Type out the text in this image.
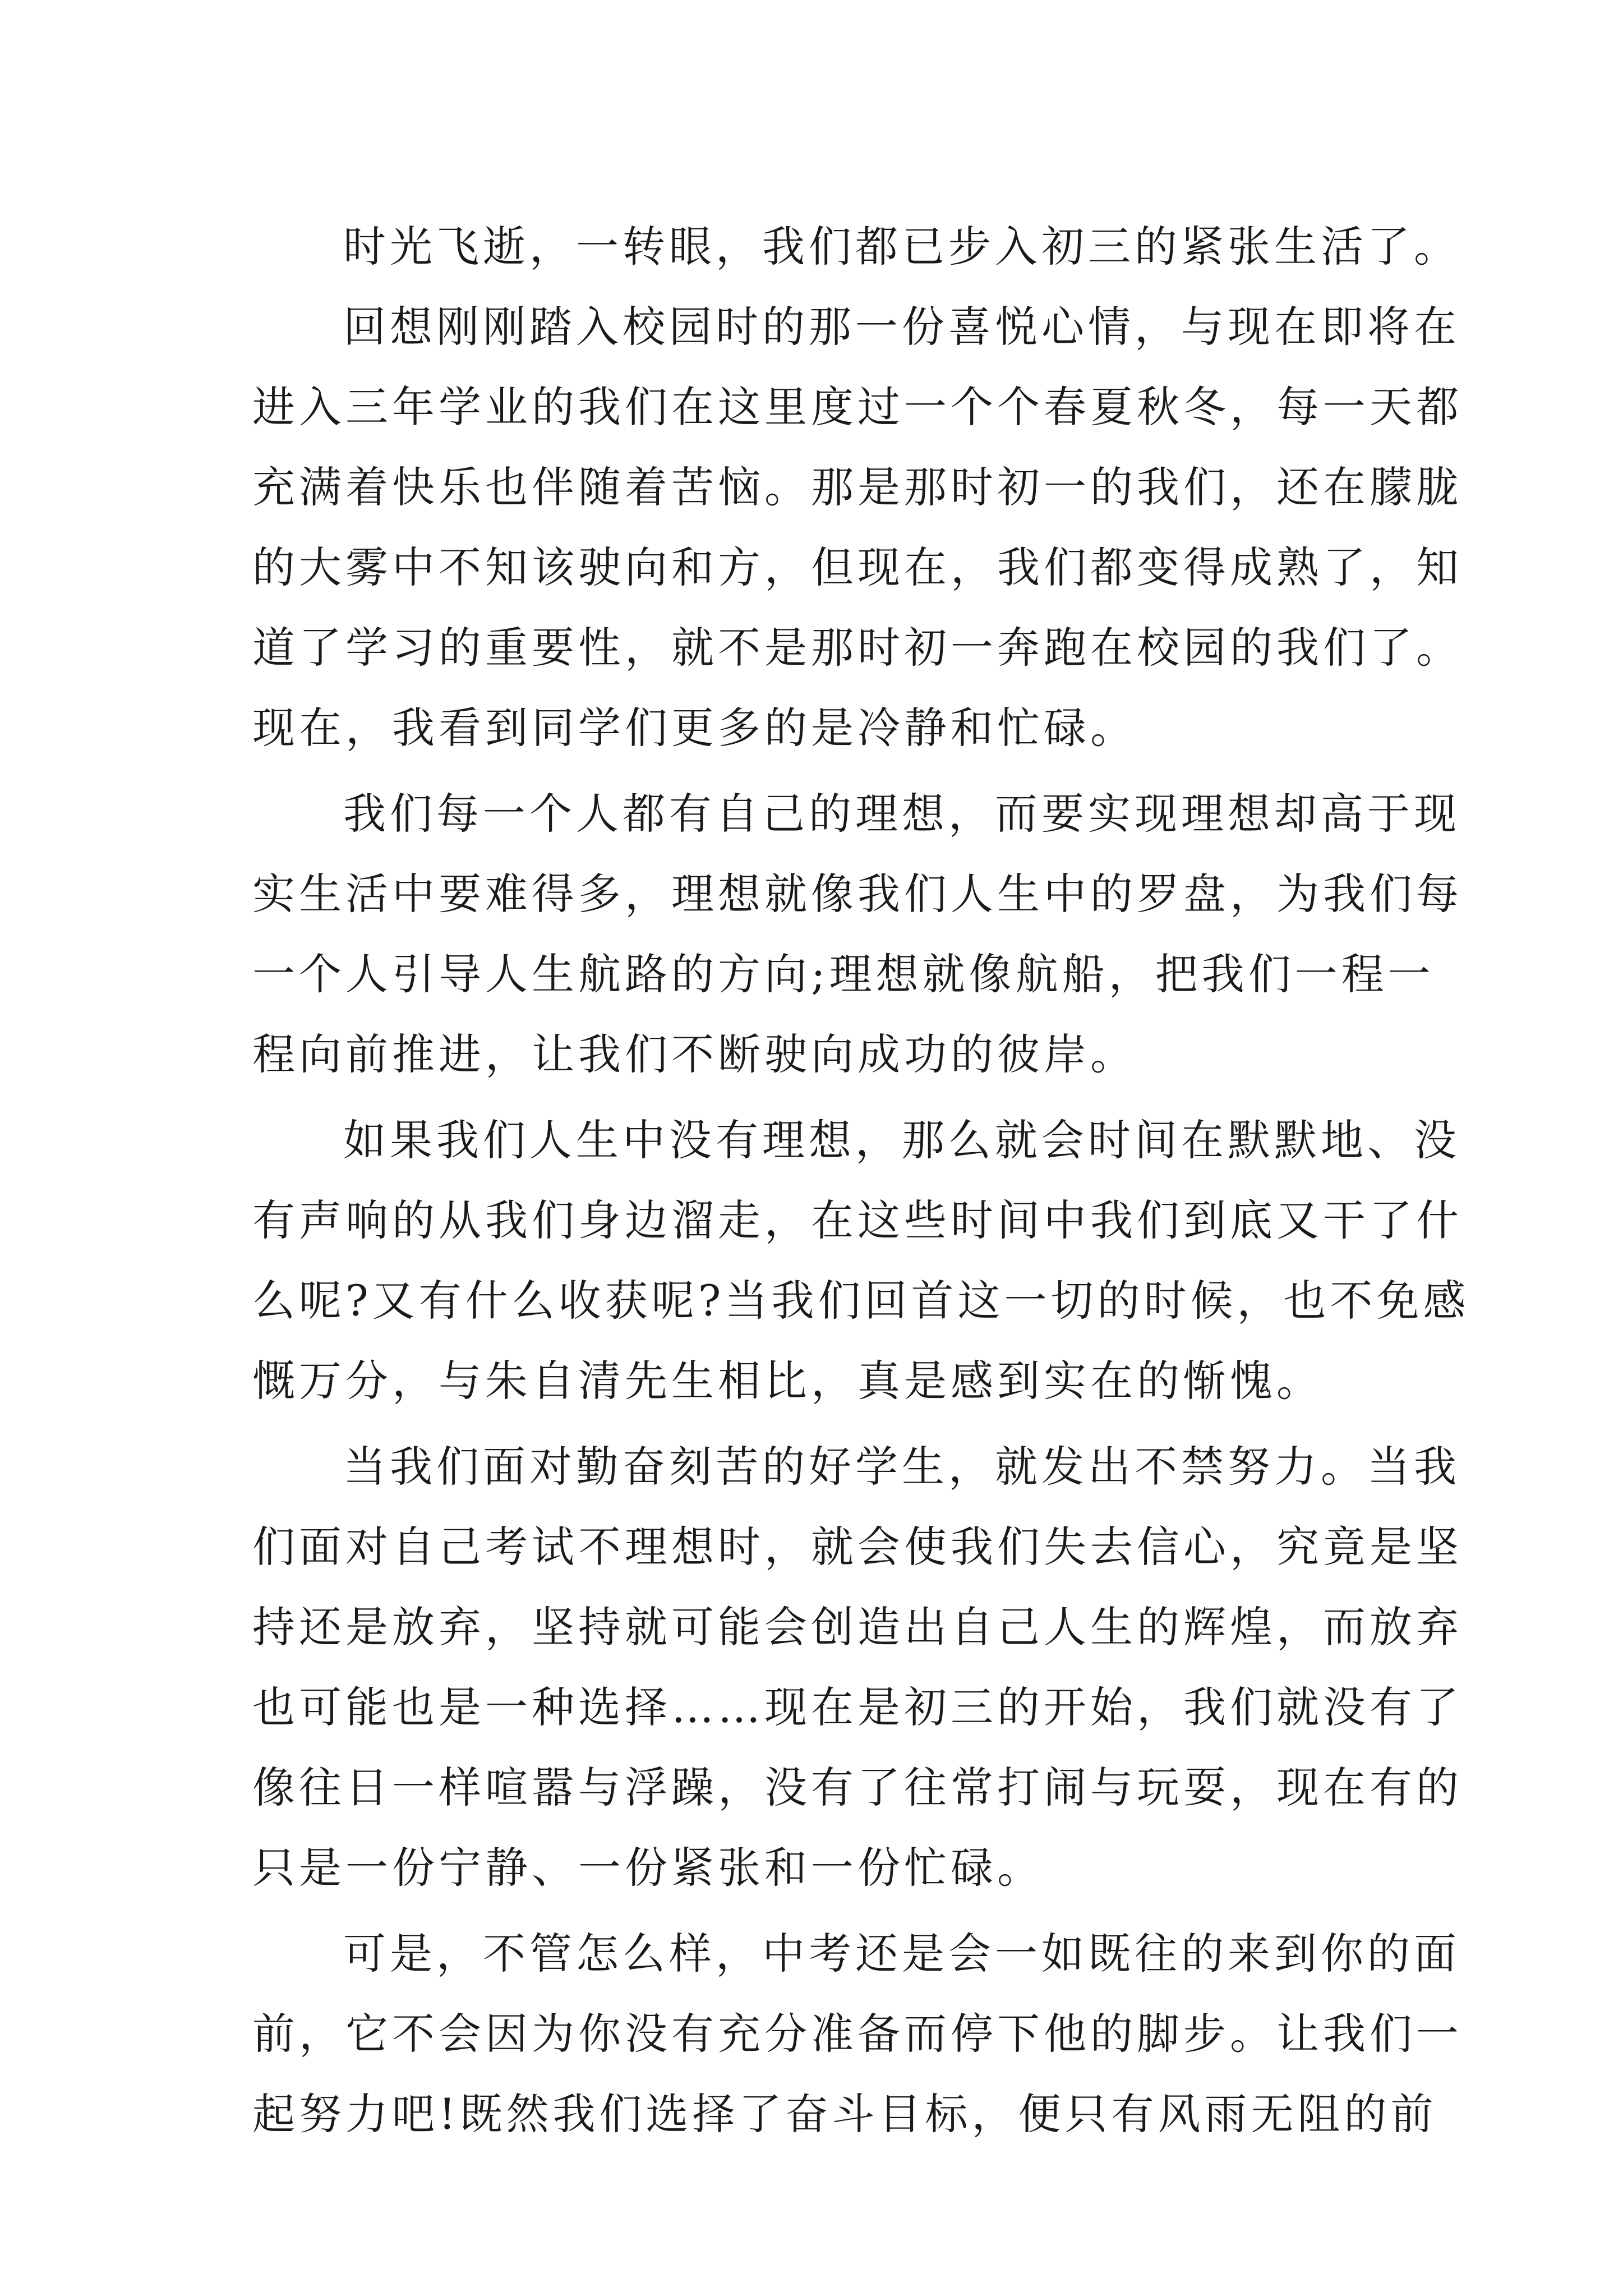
时光飞逝，一转眼，我们都已步入初三的紧张生活了。
回想刚刚踏入校园时的那一份喜悦心情，与现在即将在
进入三年学业的我们在这里度过一个个春夏秋冬，每一天都
充满着快乐也伴随着苦恼。那是那时初一的我们，还在朦胧
的大雾中不知该驶向和方，但现在，我们都变得成熟了，知
道了学习的重要性，就不是那时初一奔跑在校园的我们了。
现在，我看到同学们更多的是冷静和忙碌。
我们每一个人都有自己的理想，而要实现理想却高于现
实生活中要难得多，理想就像我们人生中的罗盘，为我们每
一个人引导人生航路的方向;理想就像航船，把我们一程一
程向前推进，让我们不断驶向成功的彼岸。
如果我们人生中没有理想，那么就会时间在默默地、没
有声响的从我们身边溜走，在这些时间中我们到底又干了什
么呢?又有什么收获呢?当我们回首这一切的时候，也不免感
慨万分，与朱自清先生相比，真是感到实在的惭愧。
当我们面对勤奋刻苦的好学生，就发出不禁努力。当我
们面对自己考试不理想时，就会使我们失去信心，究竟是坚
持还是放弃，坚持就可能会创造出自己人生的辉煌，而放弃
也可能也是一种选择……现在是初三的开始，我们就没有了
像往日一样喧嚣与浮躁，没有了往常打闹与玩耍，现在有的
只是一份宁静、一份紧张和一份忙碌。
可是，不管怎么样，中考还是会一如既往的来到你的面
前，它不会因为你没有充分准备而停下他的脚步。让我们一
起努力吧!既然我们选择了奋斗目标，便只有风雨无阻的前
